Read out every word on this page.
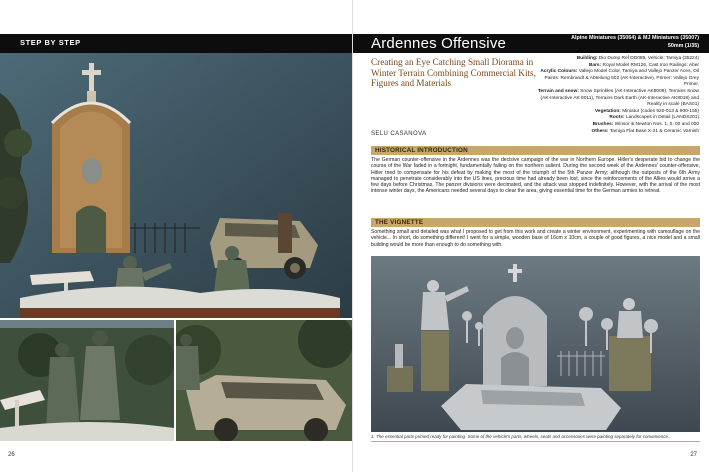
STEP BY STEP
26
Ardennes Offensive	Alpine Miniatures (35064) & MJ Miniatures (35007)
50mm (1/35)
Creating an Eye Catching Small Diorama in Winter Terrain Combining Commercial Kits, Figures and Materials
Building: Dio Dump Ref DD089, Vehicle: Tamiya (35224)
Bars: Royal Model RM126, Cast Iron Railings: Aber
Acrylic Colours: Vallejo Model Color, Tamiya and Vallejo Panzer Aces, Oil Paints: Rembrandt & Abteilung 502 (AK-Interactive), Primer: Vallejo Grey Primer,
Terrain and snow: Snow Sprinkles (AK-Interactive AK8009), Terrains Snow (AK-Interactive AK 8011), Terrains Dark Earth (AK-Interactive AK8018) and Reality in scale (BAS01)
Vegetation: Miniatur (codes 920-013 & 900-155)
Roots: Landscapes in Detail (LANDS201)
Brushes: Winsor & Newton Nos. 1, 0, 00 and 000
Others: Tamiya Flat Base X-21 & Ceramic Varnish
SELU CASANOVA
HISTORICAL INTRODUCTION
The German counter-offensive in the Ardennes was the decisive campaign of the war in Northern Europe. Hitler's desperate bid to change the course of the War faded in a fortnight, fundamentally failing on the northern salient. During the second week of the Ardennes' counter-offensive, Hitler tried to compensate for his defeat by making the most of the triumph of the 5th Panzer Army; although the outposts of the 6th Army managed to penetrate considerably into the US lines, precious time had already been lost, since the reinforcements of the Allies would arrive a few days before Christmas. The panzer divisions were decimated, and the attack was stopped indefinitely. However, with the arrival of the most intense winter days, the Americans needed several days to clear the area, giving essential time for the German armies to retreat.
THE VIGNETTE
Something small and detailed was what I proposed to get from this work and create a winter environment, experimenting with camouflage on the vehicle... In short, do something different! I went for a simple, wooden base of 16cm x 10cm, a couple of good figures, a nice model and a small building would be more than enough to do something with.
1. The essential parts primed ready for painting. Some of the vehicle's parts, wheels, seats and accessories were painting separately for convenience...
27
